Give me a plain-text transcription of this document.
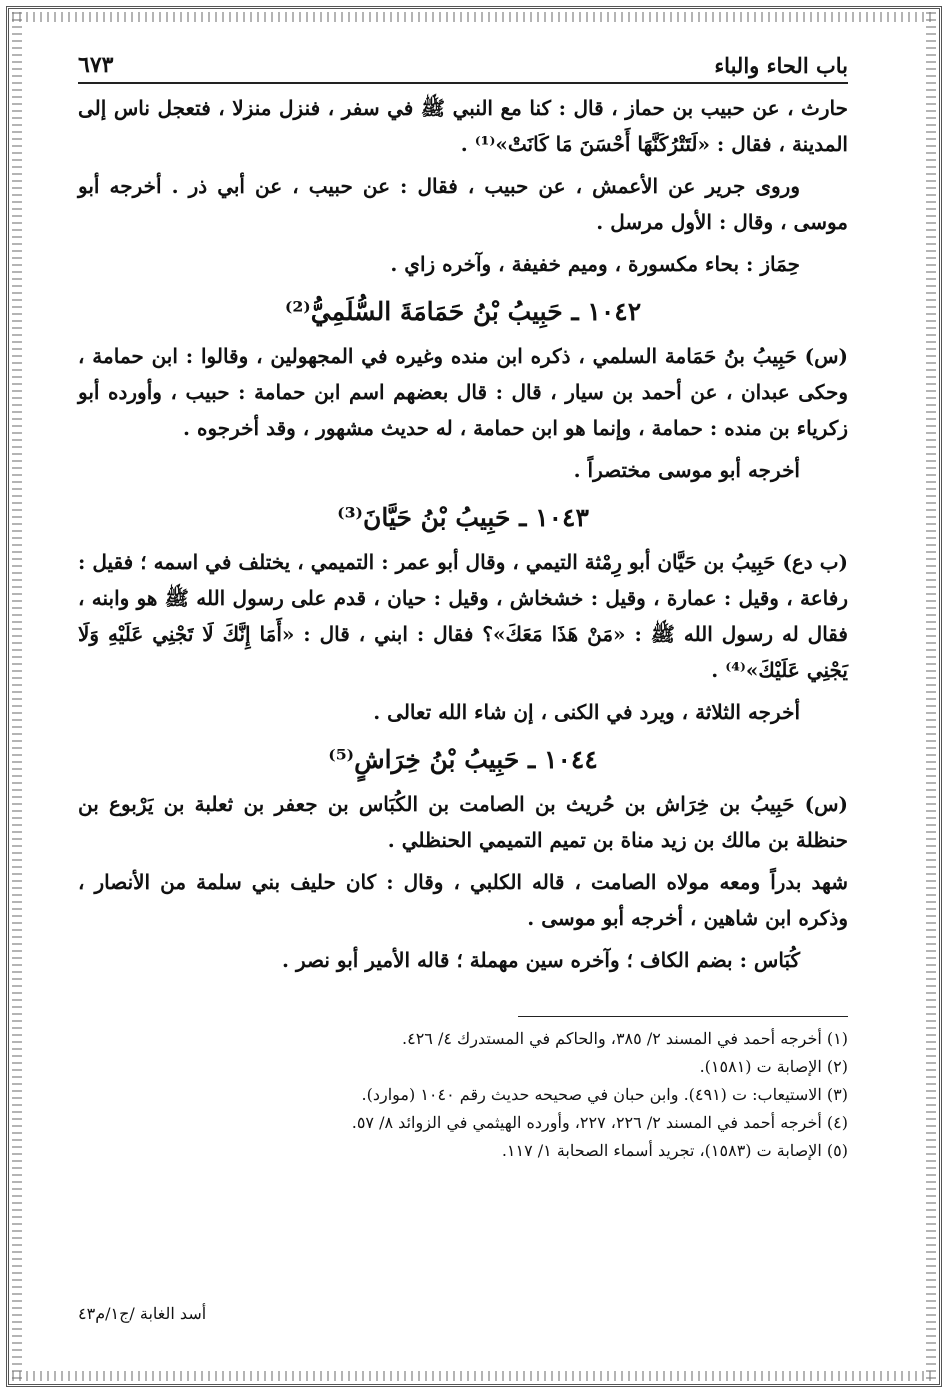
باب الحاء والباء
٦٧٣

حارث ، عن حبيب بن حماز ، قال : كنا مع النبي ﷺ في سفر ، فنزل منزلا ، فتعجل ناس إلى المدينة ، فقال : «لَتَتْرُكَنَّهَا أَحْسَنَ مَا كَانَتْ»⁽¹⁾ .

وروى جرير عن الأعمش ، عن حبيب ، فقال : عن حبيب ، عن أبي ذر . أخرجه أبو موسى ، وقال : الأول مرسل .

حِمَاز : بحاء مكسورة ، وميم خفيفة ، وآخره زاي .

١٠٤٢ ـ حَبِيبُ بْنُ حَمَامَةَ السُّلَمِيُّ⁽²⁾

(س) حَبِيبُ بنُ حَمَامة السلمي ، ذكره ابن منده وغيره في المجهولين ، وقالوا : ابن حمامة ، وحكى عبدان ، عن أحمد بن سيار ، قال : قال بعضهم اسم ابن حمامة : حبيب ، وأورده أبو زكرياء بن منده : حمامة ، وإنما هو ابن حمامة ، له حديث مشهور ، وقد أخرجوه .

أخرجه أبو موسى مختصراً .

١٠٤٣ ـ حَبِيبُ بْنُ حَيَّانَ⁽³⁾

(ب دع) حَبِيبُ بن حَيَّان أبو رِمْثة التيمي ، وقال أبو عمر : التميمي ، يختلف في اسمه ؛ فقيل : رفاعة ، وقيل : عمارة ، وقيل : خشخاش ، وقيل : حيان ، قدم على رسول الله ﷺ هو وابنه ، فقال له رسول الله ﷺ : «مَنْ هَذَا مَعَكَ»؟ فقال : ابني ، قال : «أَمَا إِنَّكَ لَا تَجْنِي عَلَيْهِ وَلَا يَجْنِي عَلَيْكَ»⁽⁴⁾ .

أخرجه الثلاثة ، ويرد في الكنى ، إن شاء الله تعالى .

١٠٤٤ ـ حَبِيبُ بْنُ خِرَاشٍ⁽⁵⁾

(س) حَبِيبُ بن خِرَاش بن حُريث بن الصامت بن الكُبَاس بن جعفر بن ثعلبة بن يَرْبوع بن حنظلة بن مالك بن زيد مناة بن تميم التميمي الحنظلي .

شهد بدراً ومعه مولاه الصامت ، قاله الكلبي ، وقال : كان حليف بني سلمة من الأنصار ، وذكره ابن شاهين ، أخرجه أبو موسى .

كُبَاس : بضم الكاف ؛ وآخره سين مهملة ؛ قاله الأمير أبو نصر .

(١) أخرجه أحمد في المسند ٢/ ٣٨٥، والحاكم في المستدرك ٤/ ٤٢٦.

(٢) الإصابة ت (١٥٨١).

(٣) الاستيعاب: ت (٤٩١). وابن حبان في صحيحه حديث رقم ١٠٤٠ (موارد).

(٤) أخرجه أحمد في المسند ٢/ ٢٢٦، ٢٢٧، وأورده الهيثمي في الزوائد ٨/ ٥٧.

(٥) الإصابة ت (١٥٨٣)، تجريد أسماء الصحابة ١/ ١١٧.

أسد الغابة /ج١/م٤٣
